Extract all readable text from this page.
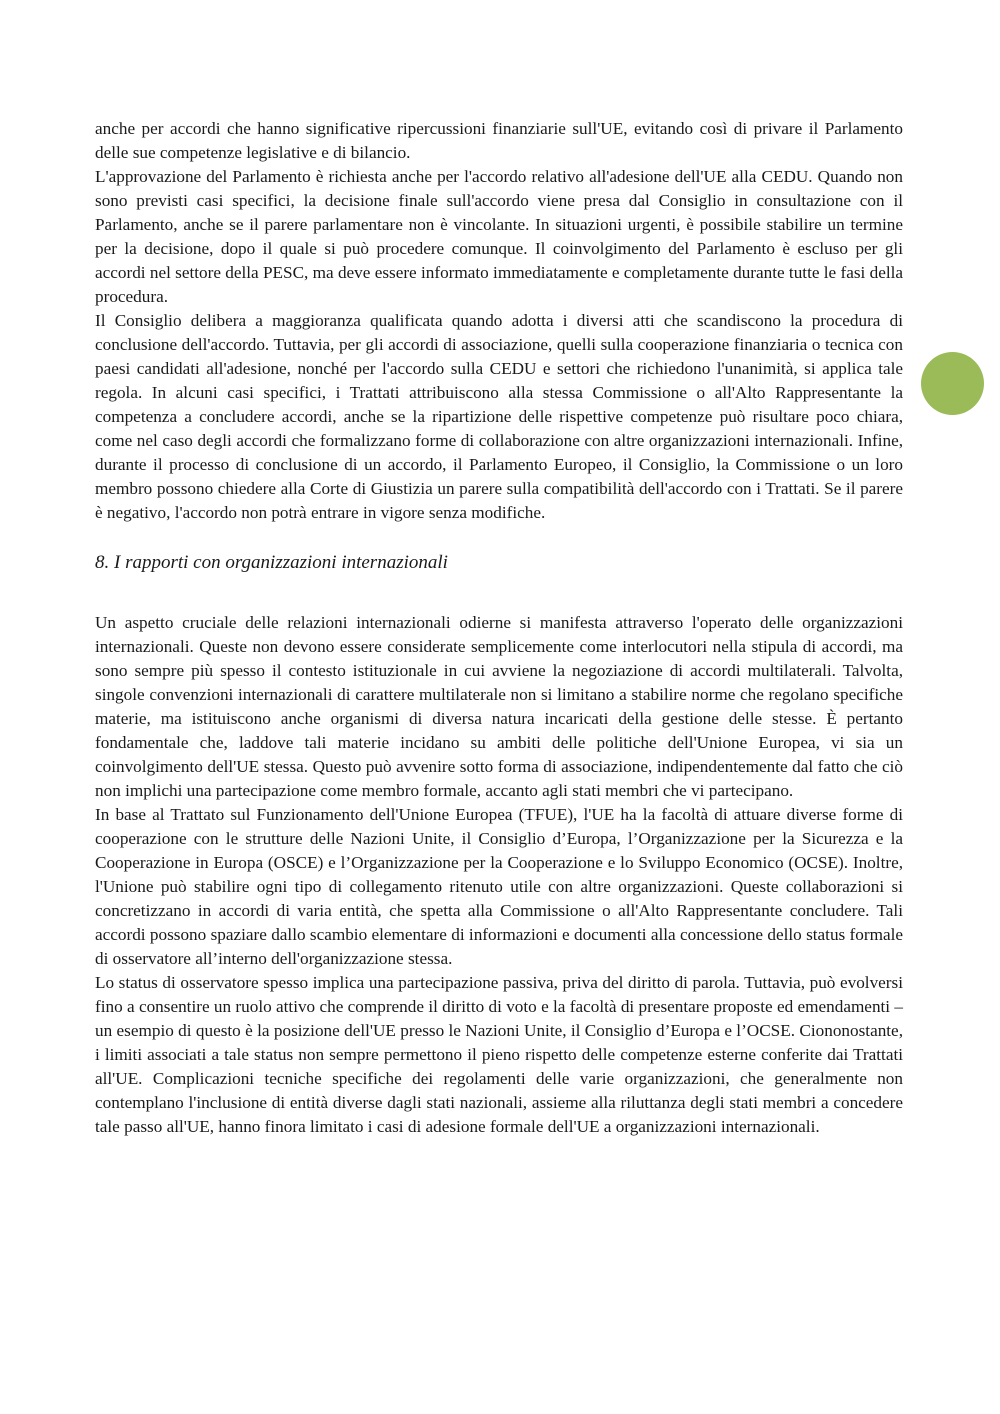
anche per accordi che hanno significative ripercussioni finanziarie sull'UE, evitando così di privare il Parlamento delle sue competenze legislative e di bilancio.

L'approvazione del Parlamento è richiesta anche per l'accordo relativo all'adesione dell'UE alla CEDU. Quando non sono previsti casi specifici, la decisione finale sull'accordo viene presa dal Consiglio in consultazione con il Parlamento, anche se il parere parlamentare non è vincolante. In situazioni urgenti, è possibile stabilire un termine per la decisione, dopo il quale si può procedere comunque. Il coinvolgimento del Parlamento è escluso per gli accordi nel settore della PESC, ma deve essere informato immediatamente e completamente durante tutte le fasi della procedura.

Il Consiglio delibera a maggioranza qualificata quando adotta i diversi atti che scandiscono la procedura di conclusione dell'accordo. Tuttavia, per gli accordi di associazione, quelli sulla cooperazione finanziaria o tecnica con paesi candidati all'adesione, nonché per l'accordo sulla CEDU e settori che richiedono l'unanimità, si applica tale regola. In alcuni casi specifici, i Trattati attribuiscono alla stessa Commissione o all'Alto Rappresentante la competenza a concludere accordi, anche se la ripartizione delle rispettive competenze può risultare poco chiara, come nel caso degli accordi che formalizzano forme di collaborazione con altre organizzazioni internazionali. Infine, durante il processo di conclusione di un accordo, il Parlamento Europeo, il Consiglio, la Commissione o un loro membro possono chiedere alla Corte di Giustizia un parere sulla compatibilità dell'accordo con i Trattati. Se il parere è negativo, l'accordo non potrà entrare in vigore senza modifiche.

8. I rapporti con organizzazioni internazionali

Un aspetto cruciale delle relazioni internazionali odierne si manifesta attraverso l'operato delle organizzazioni internazionali. Queste non devono essere considerate semplicemente come interlocutori nella stipula di accordi, ma sono sempre più spesso il contesto istituzionale in cui avviene la negoziazione di accordi multilaterali. Talvolta, singole convenzioni internazionali di carattere multilaterale non si limitano a stabilire norme che regolano specifiche materie, ma istituiscono anche organismi di diversa natura incaricati della gestione delle stesse. È pertanto fondamentale che, laddove tali materie incidano su ambiti delle politiche dell'Unione Europea, vi sia un coinvolgimento dell'UE stessa. Questo può avvenire sotto forma di associazione, indipendentemente dal fatto che ciò non implichi una partecipazione come membro formale, accanto agli stati membri che vi partecipano.

In base al Trattato sul Funzionamento dell'Unione Europea (TFUE), l'UE ha la facoltà di attuare diverse forme di cooperazione con le strutture delle Nazioni Unite, il Consiglio d’Europa, l’Organizzazione per la Sicurezza e la Cooperazione in Europa (OSCE) e l’Organizzazione per la Cooperazione e lo Sviluppo Economico (OCSE). Inoltre, l'Unione può stabilire ogni tipo di collegamento ritenuto utile con altre organizzazioni. Queste collaborazioni si concretizzano in accordi di varia entità, che spetta alla Commissione o all'Alto Rappresentante concludere. Tali accordi possono spaziare dallo scambio elementare di informazioni e documenti alla concessione dello status formale di osservatore all’interno dell'organizzazione stessa.

Lo status di osservatore spesso implica una partecipazione passiva, priva del diritto di parola. Tuttavia, può evolversi fino a consentire un ruolo attivo che comprende il diritto di voto e la facoltà di presentare proposte ed emendamenti – un esempio di questo è la posizione dell'UE presso le Nazioni Unite, il Consiglio d’Europa e l’OCSE. Ciononostante, i limiti associati a tale status non sempre permettono il pieno rispetto delle competenze esterne conferite dai Trattati all'UE. Complicazioni tecniche specifiche dei regolamenti delle varie organizzazioni, che generalmente non contemplano l'inclusione di entità diverse dagli stati nazionali, assieme alla riluttanza degli stati membri a concedere tale passo all'UE, hanno finora limitato i casi di adesione formale dell'UE a organizzazioni internazionali.
